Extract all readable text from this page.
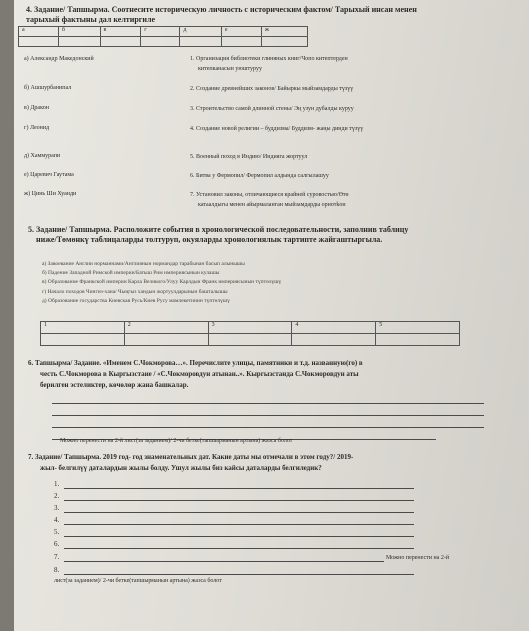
4. Задание/ Тапшырма. Соотнесите историческую личность с историческим фактом/ Тарыхый инсан менен
тарыхый фактыны дал келтиргиле
а	б	в	г	д	е	ж

а) Александр Македонский
б) Ашшурбанипал
в) Дракон
г) Леонид
д) Хаммурапи
е) Царевич Гаутама
ж) Цинь Ши Хуанди
1. Организация библиотеки глиняных книг/Чопо китептерден
китепканасын уюштуруу
2. Создание древнейших законов/ Байыркы мыйзамдарды түзүү
3. Строительство самой длинной стены/ Эң узун дубалды куруу
4. Создание новой религии – буддизма/ Буддизм- жаңы динди түзүү
5. Военный поход в Индию/ Индияга жортуул
6. Битва у Фермопил/ Фермопил алдында салгылашуу
7. Установил законы, отличающиеся крайней суровостью/Өтө
катаалдыгы менен айырмаланган мыйзамдарды орнотkон
5. Задание/ Тапшырма. Расположите события в хронологической последовательности, заполнив таблицу
ниже/Төмөнкү таблицаларды толтуруп, окуяларды хронологиялык тартипте жайгаштыргыла.
а) Завоевание Англии норманнами/Англиянын нормандар тарабынан басып алынышы
б) Падение Западной Римской империи/Батыш Рим империясынын кулашы
в) Образование Франкской империи Карла Великого/Улуу Карлдын Франк империясынын түптөлүшү
г) Начало походов Чингиз-хана/ Чыңгыз хандын жортуулдарынын башталышы
д) Образование государства Киевская Русь/Киев Русу мамлекетинин түптөлүшү
1	2	3	4	5

6. Тапшырма/ Задание. «Именем С.Чокморова…». Перечислите улицы, памятники и т.д. названную(го) в
честь С.Чокморова в Кыргызстане / «С.Чокморовдун атынан..». Кыргызстанда С.Чокморовдун аты
берилген эстеликтер, көчөлөр жана башкалар.
Можно перенести на 2-й лист(за заданием)/ 2-чи бетке(тапшырманын артына) жазса болот
7. Задание/ Тапшырма. 2019 год- год знаменательных дат. Какие даты мы отмечали в этом году?/ 2019-
жыл- белгилүү даталардын жылы болду. Ушул жылы биз кайсы даталарды белгиледик?
1.
2.
3.
4.
5.
6.
7.	Можно перенести на 2-й
8.
лист(за заданием)/ 2-чи бетке(тапшырманын артына) жазса болот
